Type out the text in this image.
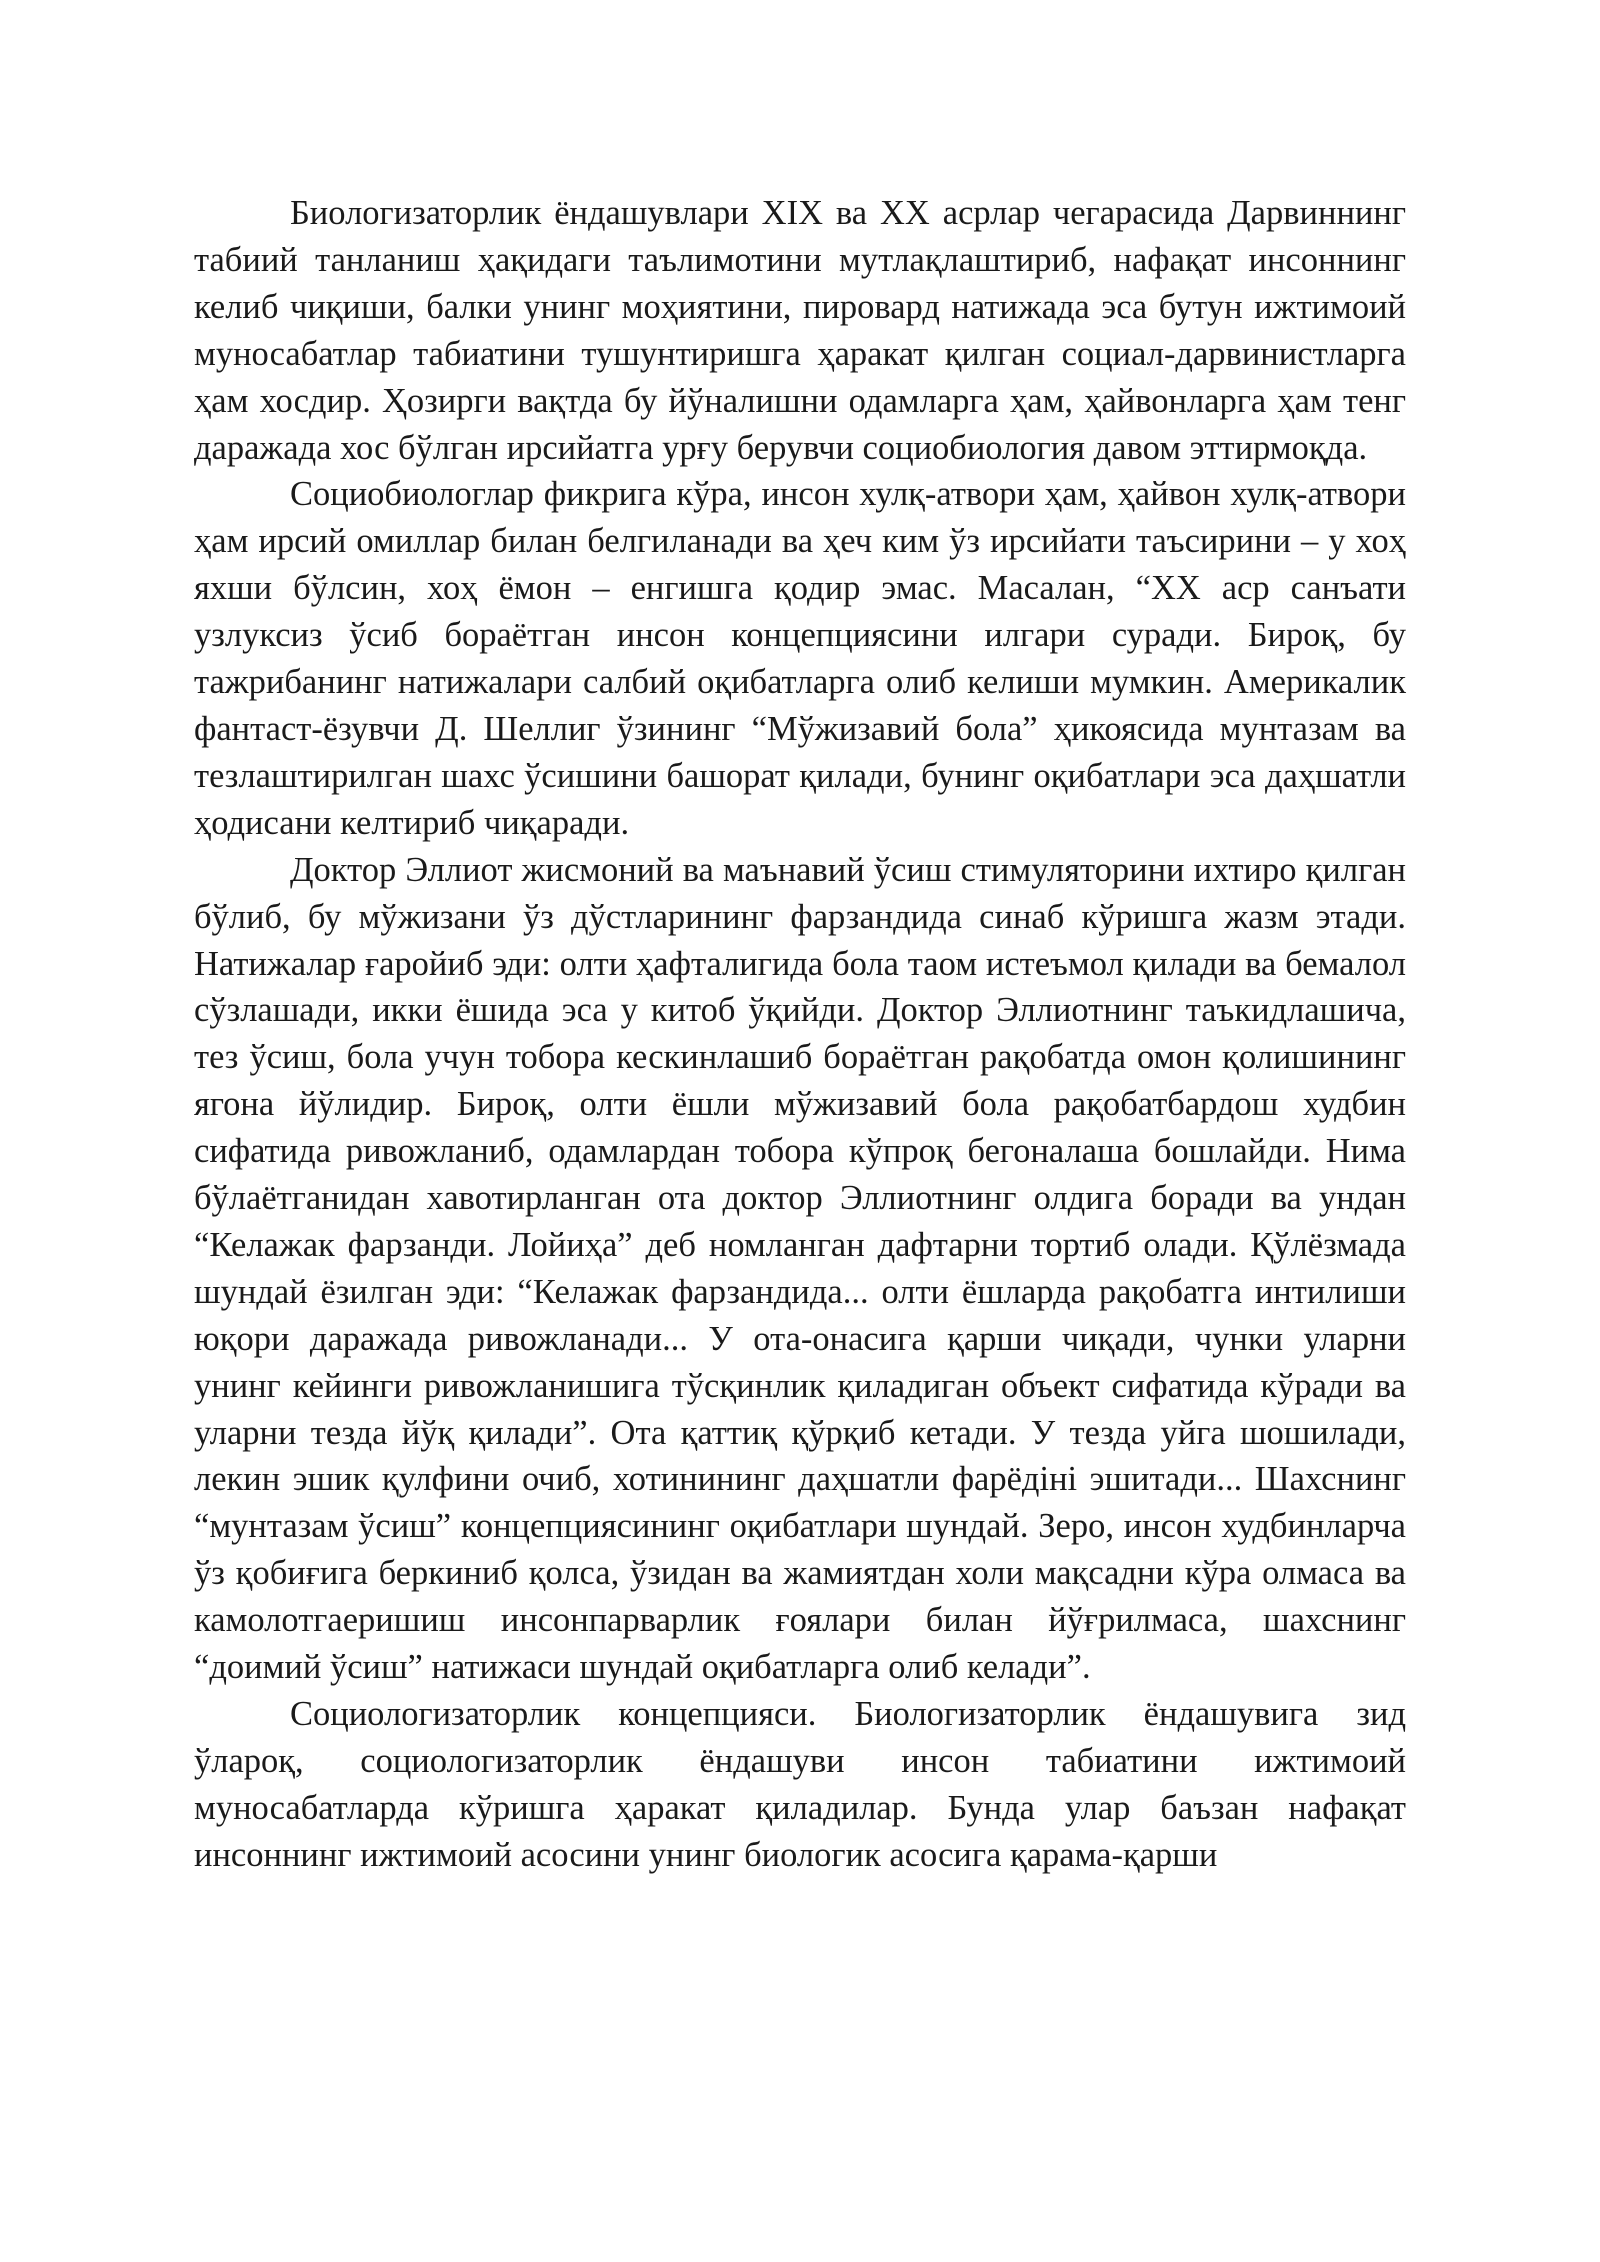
Биологизаторлик ёндашувлари XIX ва XX асрлар чегарасида Дарвиннинг табиий танланиш ҳақидаги таълимотини мутлақлаштириб, нафақат инсоннинг келиб чиқиши, балки унинг моҳиятини, пировард натижада эса бутун ижтимоий муносабатлар табиатини тушунтиришга ҳаракат қилган социал-дарвинистларга ҳам хосдир. Ҳозирги вақтда бу йўналишни одамларга ҳам, ҳайвонларга ҳам тенг даражада хос бўлган ирсийатга урғу берувчи социобиология давом эттирмоқда.

Социобиологлар фикрига кўра, инсон хулқ-атвори ҳам, ҳайвон хулқ-атвори ҳам ирсий омиллар билан белгиланади ва ҳеч ким ўз ирсийати таъсирини – у хоҳ яхши бўлсин, хоҳ ёмон – енгишга қодир эмас. Масалан, “ХХ аср санъати узлуксиз ўсиб бораётган инсон концепциясини илгари суради. Бироқ, бу тажрибанинг натижалари салбий оқибатларга олиб келиши мумкин. Америкалик фантаст-ёзувчи Д. Шеллиг ўзининг “Мўжизавий бола” ҳикоясида мунтазам ва тезлаштирилган шахс ўсишини башорат қилади, бунинг оқибатлари эса даҳшатли ҳодисани келтириб чиқаради.

Доктор Эллиот жисмоний ва маънавий ўсиш стимуляторини ихтиро қилган бўлиб, бу мўжизани ўз дўстларининг фарзандида синаб кўришга жазм этади. Натижалар ғаройиб эди: олти ҳафталигида бола таом истеъмол қилади ва бемалол сўзлашади, икки ёшида эса у китоб ўқийди. Доктор Эллиотнинг таъкидлашича, тез ўсиш, бола учун тобора кескинлашиб бораётган рақобатда омон қолишининг ягона йўлидир. Бироқ, олти ёшли мўжизавий бола рақобатбардош худбин сифатида ривожланиб, одамлардан тобора кўпроқ бегоналаша бошлайди. Нима бўлаётганидан хавотирланган ота доктор Эллиотнинг олдига боради ва ундан “Келажак фарзанди. Лойиҳа” деб номланган дафтарни тортиб олади. Қўлёзмада шундай ёзилган эди: “Келажак фарзандида... олти ёшларда рақобатга интилиши юқори даражада ривожланади... У ота-онасига қарши чиқади, чунки уларни унинг кейинги ривожланишига тўсқинлик қиладиган объект сифатида кўради ва уларни тезда йўқ қилади”. Ота қаттиқ қўрқиб кетади. У тезда уйга шошилади, лекин эшик қулфини очиб, хотинининг даҳшатли фарёдіні эшитади... Шахснинг “мунтазам ўсиш” концепциясининг оқибатлари шундай. Зеро, инсон худбинларча ўз қобиғига беркиниб қолса, ўзидан ва жамиятдан холи мақсадни кўра олмаса ва камолотгаеришиш инсонпарварлик ғоялари билан йўғрилмаса, шахснинг “доимий ўсиш” натижаси шундай оқибатларга олиб келади”.

Социологизаторлик концепцияси. Биологизаторлик ёндашувига зид ўлароқ, социологизаторлик ёндашуви инсон табиатини ижтимоий муносабатларда кўришга ҳаракат қиладилар. Бунда улар баъзан нафақат инсоннинг ижтимоий асосини унинг биологик асосига қарама-қарши
